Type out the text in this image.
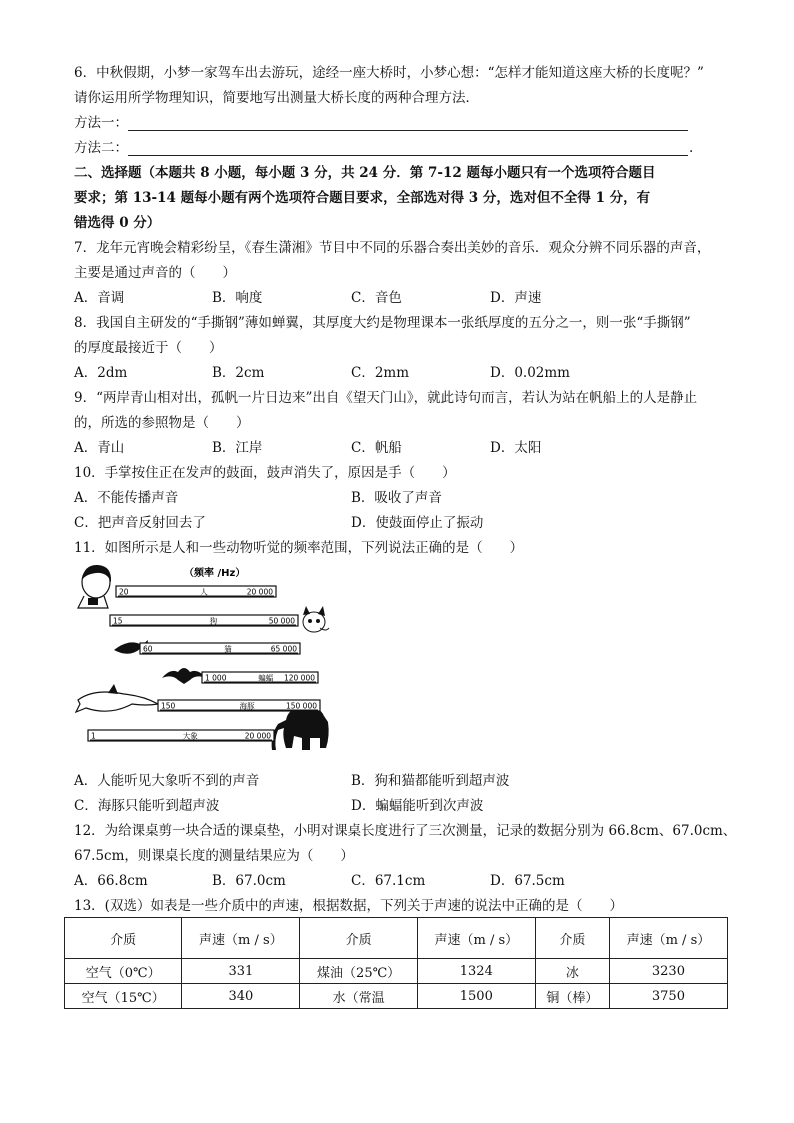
6．中秋假期，小梦一家驾车出去游玩，途经一座大桥时，小梦心想：“怎样才能知道这座大桥的长度呢？”
请你运用所学物理知识，简要地写出测量大桥长度的两种合理方法．
方法一：
方法二：	.
二、选择题（本题共 8 小题，每小题 3 分，共 24 分．第 7-12 题每小题只有一个选项符合题目
要求；第 13-14 题每小题有两个选项符合题目要求，全部选对得 3 分，选对但不全得 1 分，有
错选得 0 分）
7．龙年元宵晚会精彩纷呈，《春生潇湘》节目中不同的乐器合奏出美妙的音乐．观众分辨不同乐器的声音，
主要是通过声音的（　　）
A．音调	B．响度	C．音色	D．声速
8．我国自主研发的“手撕钢”薄如蝉翼，其厚度大约是物理课本一张纸厚度的五分之一，则一张“手撕钢”
的厚度最接近于（　　）
A．2dm	B．2cm	C．2mm	D．0.02mm
9．“两岸青山相对出，孤帆一片日边来”出自《望天门山》，就此诗句而言，若认为站在帆船上的人是静止
的，所选的参照物是（　　）
A．青山	B．江岸	C．帆船	D．太阳
10．手掌按住正在发声的鼓面，鼓声消失了，原因是手（　　）
A．不能传播声音	B．吸收了声音
C．把声音反射回去了	D．使鼓面停止了振动
11．如图所示是人和一些动物听觉的频率范围，下列说法正确的是（　　）
（频率 /Hz）
20	人	20 000
15	狗	50 000
60	猫	65 000
1 000	蝙蝠 120 000
150	海豚	150 000
1	大象	20 000
A．人能听见大象听不到的声音	B．狗和猫都能听到超声波
C．海豚只能听到超声波	D．蝙蝠能听到次声波
12．为给课桌剪一块合适的课桌垫，小明对课桌长度进行了三次测量，记录的数据分别为 66.8cm、67.0cm、
67.5cm，则课桌长度的测量结果应为（　　）
A．66.8cm	B．67.0cm	C．67.1cm	D．67.5cm
13．(双选）如表是一些介质中的声速，根据数据，下列关于声速的说法中正确的是（　　）
介质	声速（m / s）	介质	声速（m / s）	介质	声速（m / s）
空气（0℃）	331	煤油（25℃）	1324	冰	3230
空气（15℃）	340	水（常温	1500	铜（棒）	3750
